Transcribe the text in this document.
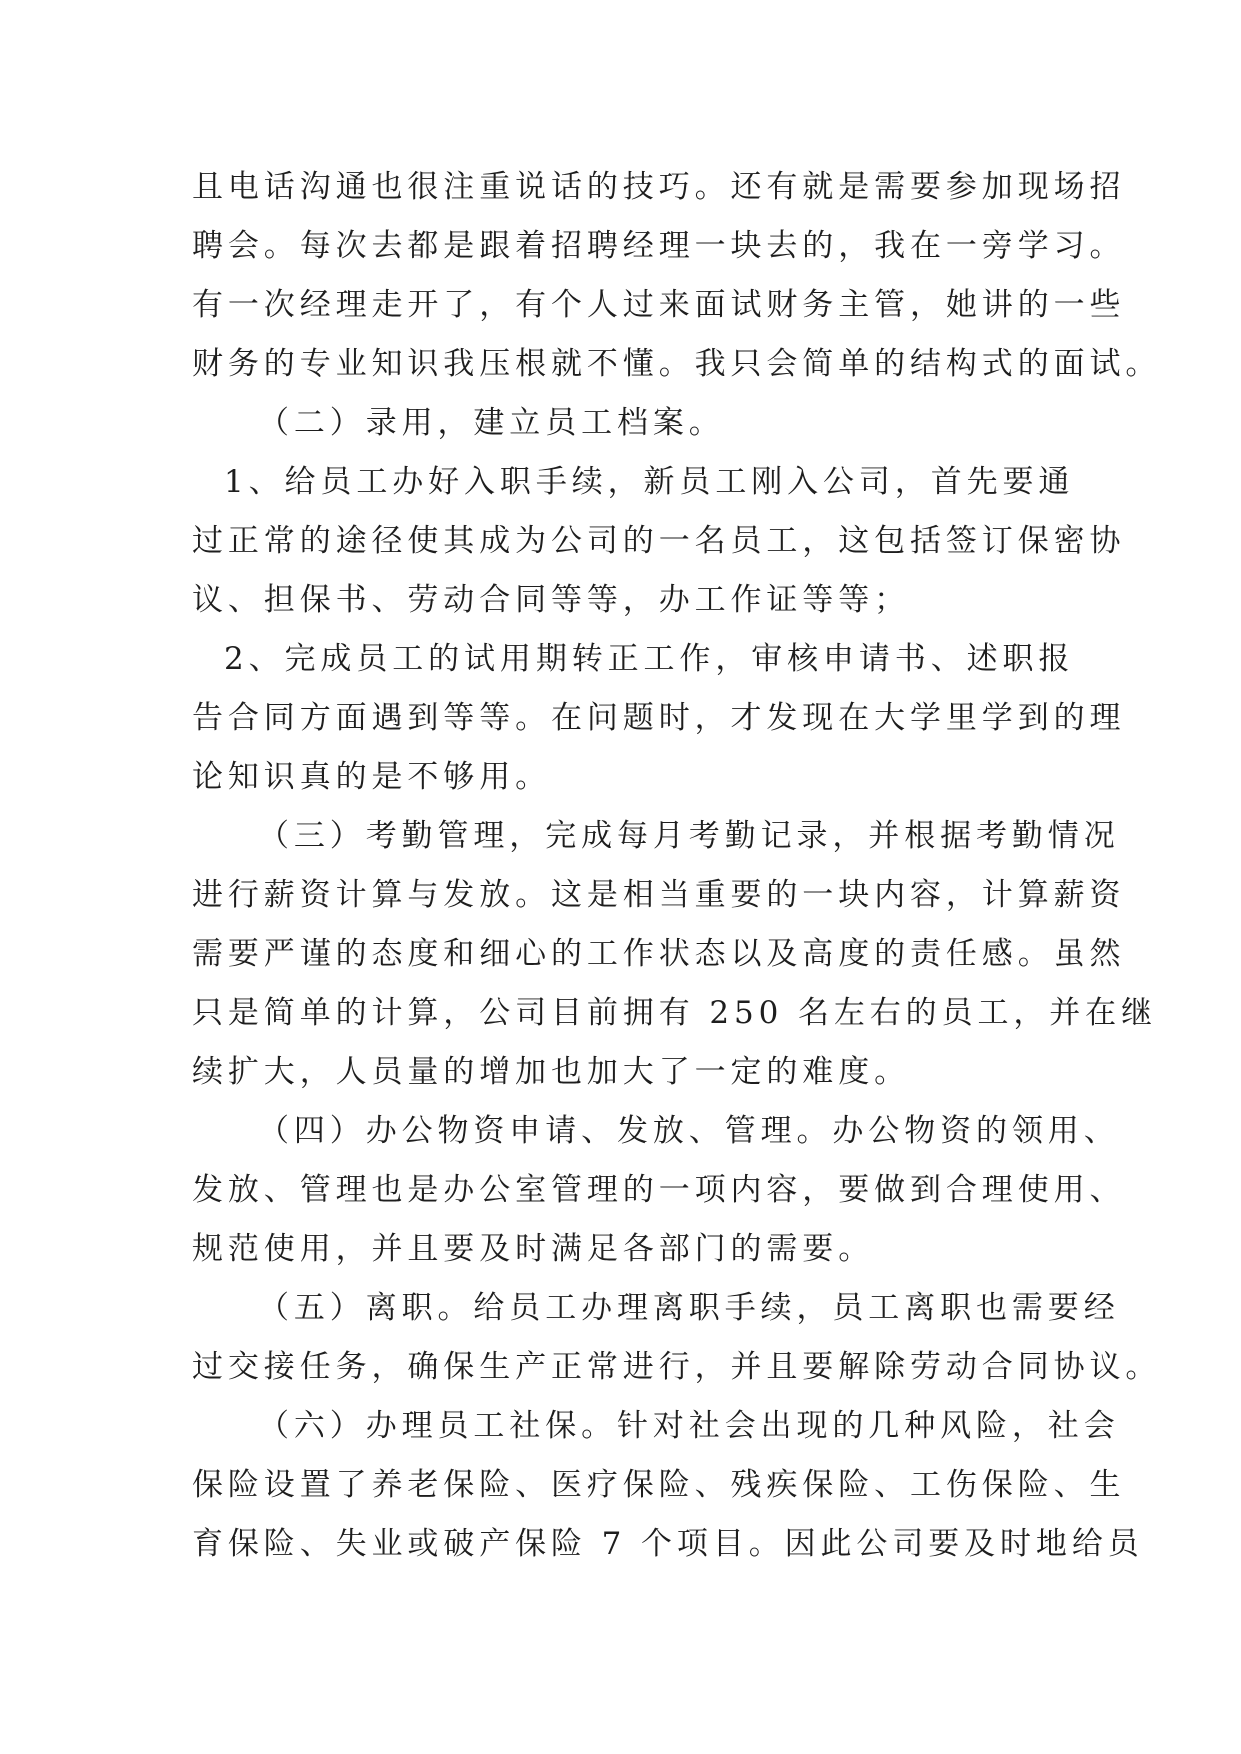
且电话沟通也很注重说话的技巧。还有就是需要参加现场招

聘会。每次去都是跟着招聘经理一块去的，我在一旁学习。

有一次经理走开了，有个人过来面试财务主管，她讲的一些

财务的专业知识我压根就不懂。我只会简单的结构式的面试。

（二）录用，建立员工档案。

1、给员工办好入职手续，新员工刚入公司，首先要通

过正常的途径使其成为公司的一名员工，这包括签订保密协

议、担保书、劳动合同等等，办工作证等等；

2、完成员工的试用期转正工作，审核申请书、述职报

告合同方面遇到等等。在问题时，才发现在大学里学到的理

论知识真的是不够用。

（三）考勤管理，完成每月考勤记录，并根据考勤情况

进行薪资计算与发放。这是相当重要的一块内容，计算薪资

需要严谨的态度和细心的工作状态以及高度的责任感。虽然

只是简单的计算，公司目前拥有 250 名左右的员工，并在继

续扩大，人员量的增加也加大了一定的难度。

（四）办公物资申请、发放、管理。办公物资的领用、

发放、管理也是办公室管理的一项内容，要做到合理使用、

规范使用，并且要及时满足各部门的需要。

（五）离职。给员工办理离职手续，员工离职也需要经

过交接任务，确保生产正常进行，并且要解除劳动合同协议。

（六）办理员工社保。针对社会出现的几种风险，社会

保险设置了养老保险、医疗保险、残疾保险、工伤保险、生

育保险、失业或破产保险 7 个项目。因此公司要及时地给员
